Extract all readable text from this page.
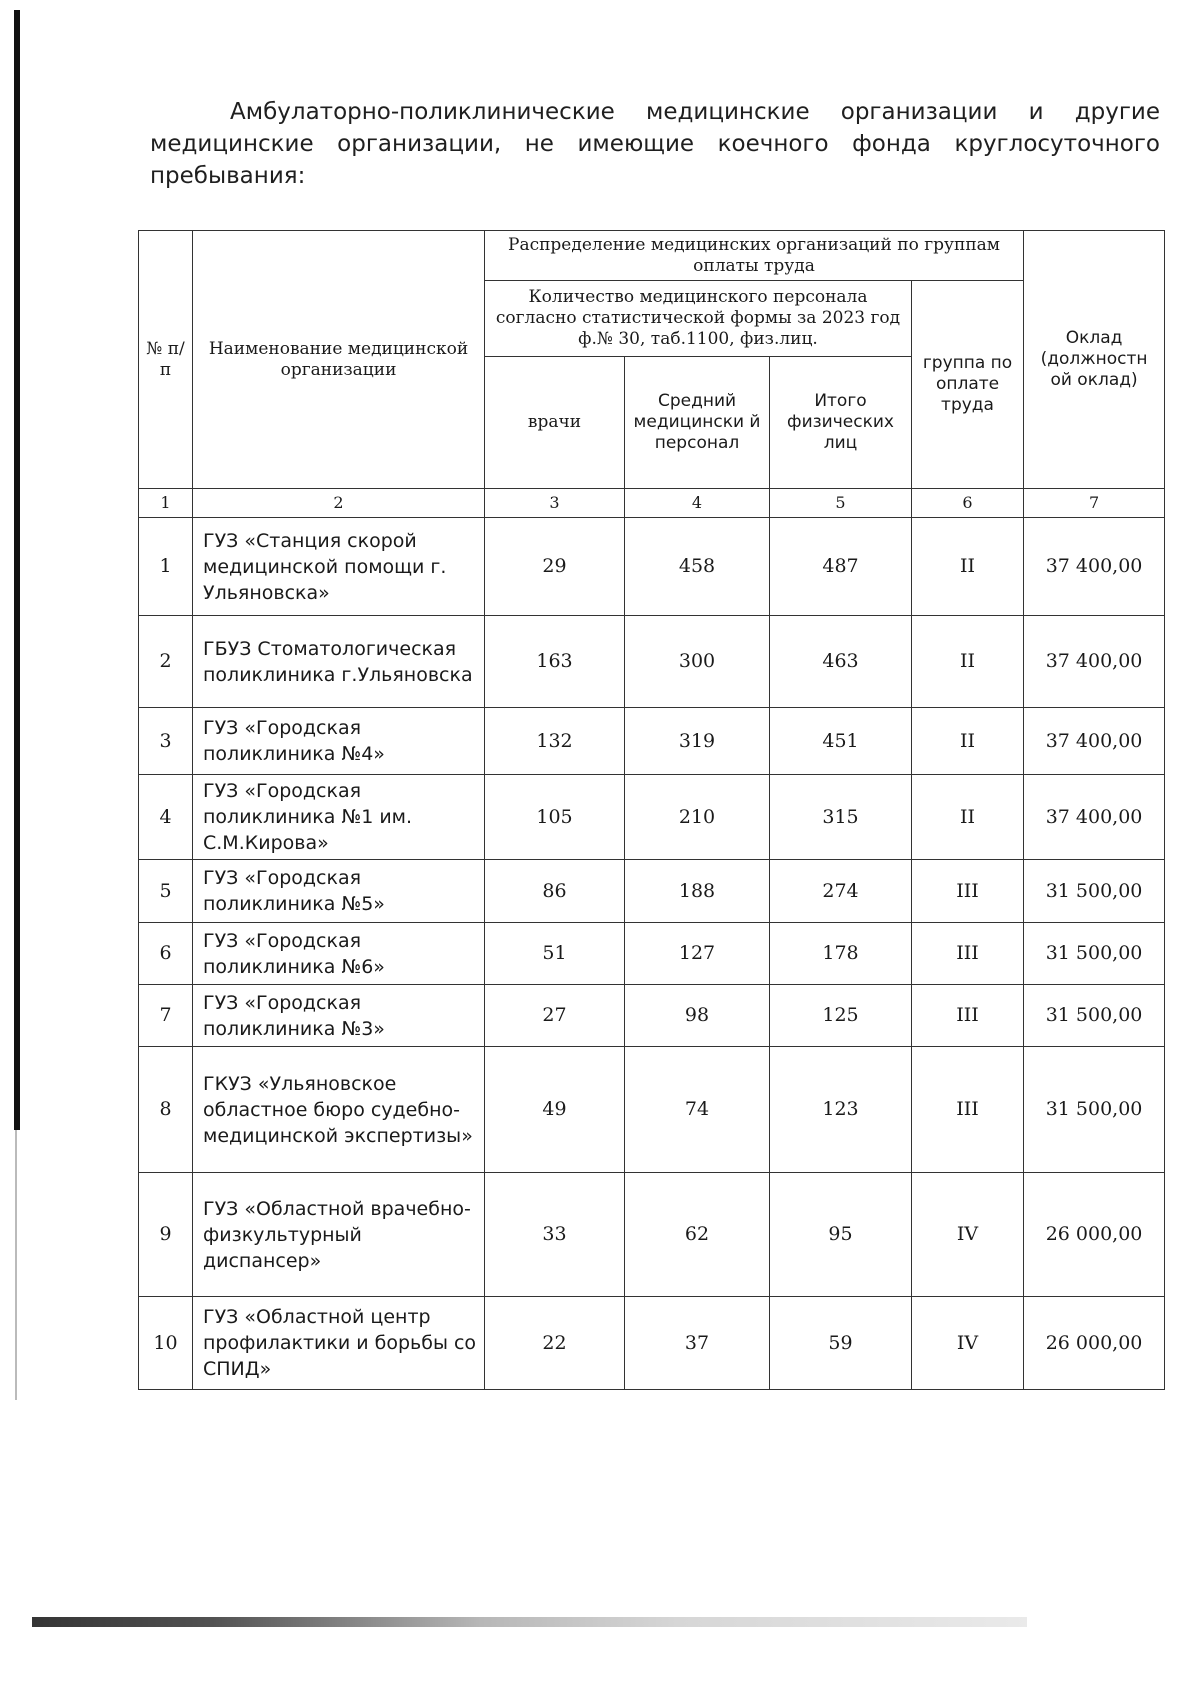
Амбулаторно-поликлинические медицинские организации и другие медицинские организации, не имеющие коечного фонда круглосуточного пребывания:

№ п/п	Наименование медицинской организации	Распределение медицинских организаций по группам оплаты труда				Оклад (должностн ой оклад)
		Количество медицинского персонала согласно статистической формы за 2023 год ф.№ 30, таб.1100, физ.лиц.			группа по оплате труда	
		врачи	Средний медицински й персонал	Итого физических лиц		
1	2	3	4	5	6	7
1	ГУЗ «Станция скорой медицинской помощи г. Ульяновска»	29	458	487	II	37 400,00
2	ГБУЗ Стоматологическая поликлиника г.Ульяновска	163	300	463	II	37 400,00
3	ГУЗ «Городская поликлиника №4»	132	319	451	II	37 400,00
4	ГУЗ «Городская поликлиника №1 им. С.М.Кирова»	105	210	315	II	37 400,00
5	ГУЗ «Городская поликлиника №5»	86	188	274	III	31 500,00
6	ГУЗ «Городская поликлиника №6»	51	127	178	III	31 500,00
7	ГУЗ «Городская поликлиника №3»	27	98	125	III	31 500,00
8	ГКУЗ «Ульяновское областное бюро судебно-медицинской экспертизы»	49	74	123	III	31 500,00
9	ГУЗ «Областной врачебно-физкультурный диспансер»	33	62	95	IV	26 000,00
10	ГУЗ «Областной центр профилактики и борьбы со СПИД»	22	37	59	IV	26 000,00
